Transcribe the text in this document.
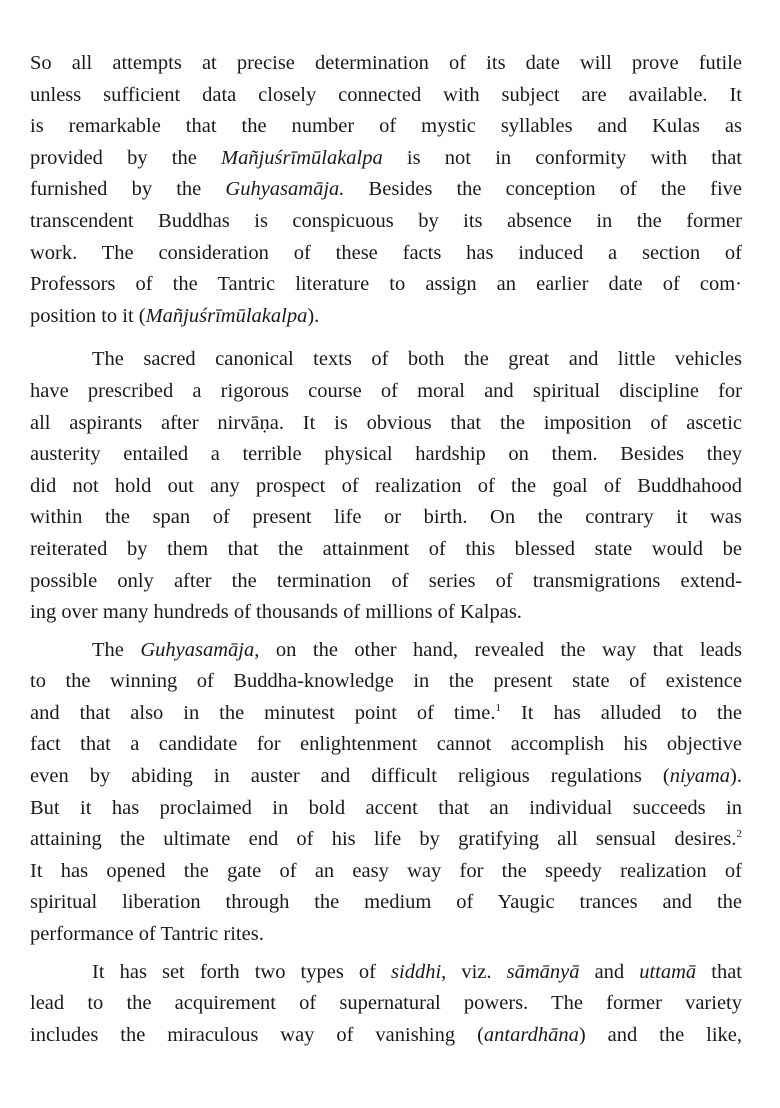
So all attempts at precise determination of its date will prove futile
unless sufficient data closely connected with subject are available. It
is remarkable that the number of mystic syllables and Kulas as
provided by the Mañjuśrīmūlakalpa is not in conformity with that
furnished by the Guhyasamāja. Besides the conception of the five
transcendent Buddhas is conspicuous by its absence in the former
work. The consideration of these facts has induced a section of
Professors of the Tantric literature to assign an earlier date of com·
position to it (Mañjuśrīmūlakalpa).
The sacred canonical texts of both the great and little vehicles
have prescribed a rigorous course of moral and spiritual discipline for
all aspirants after nirvāṇa. It is obvious that the imposition of ascetic
austerity entailed a terrible physical hardship on them. Besides they
did not hold out any prospect of realization of the goal of Buddhahood
within the span of present life or birth. On the contrary it was
reiterated by them that the attainment of this blessed state would be
possible only after the termination of series of transmigrations extend-
ing over many hundreds of thousands of millions of Kalpas.
The Guhyasamāja, on the other hand, revealed the way that leads
to the winning of Buddha-knowledge in the present state of existence
and that also in the minutest point of time.$^1$ It has alluded to the
fact that a candidate for enlightenment cannot accomplish his objective
even by abiding in auster and difficult religious regulations (niyama).
But it has proclaimed in bold accent that an individual succeeds in
attaining the ultimate end of his life by gratifying all sensual desires.$^2$
It has opened the gate of an easy way for the speedy realization of
spiritual liberation through the medium of Yaugic trances and the
performance of Tantric rites.
It has set forth two types of siddhi, viz. sāmānyā and uttamā that
lead to the acquirement of supernatural powers. The former variety
includes the miraculous way of vanishing (antardhāna) and the like,
